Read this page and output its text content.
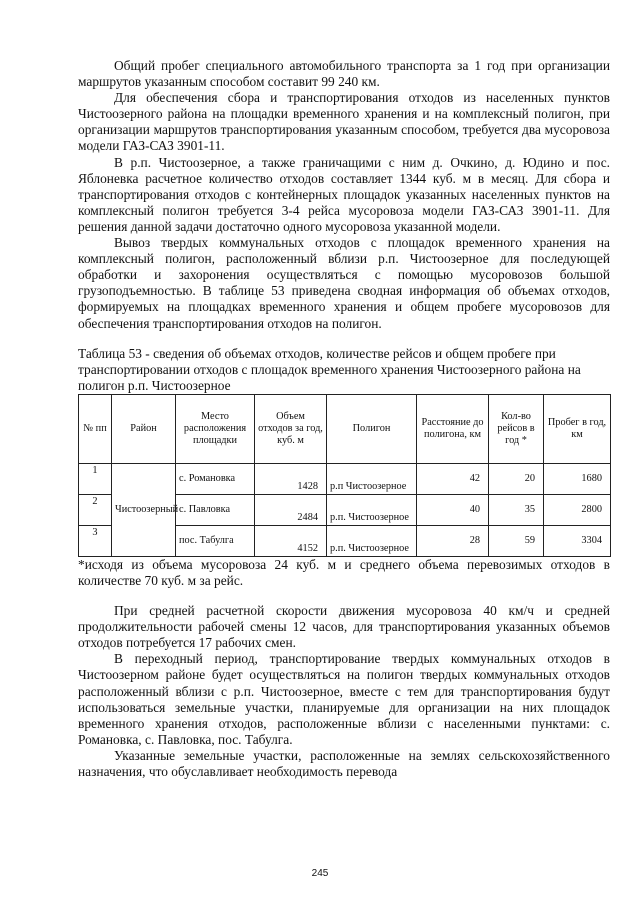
Общий пробег специального автомобильного транспорта за 1 год при организации маршрутов указанным способом составит 99 240 км.

Для обеспечения сбора и транспортирования отходов из населенных пунктов Чистоозерного района на площадки временного хранения и на комплексный полигон, при организации маршрутов транспортирования указанным способом, требуется два мусоровоза модели ГАЗ-САЗ 3901-11.

В р.п. Чистоозерное, а также граничащими с ним д. Очкино, д. Юдино и пос. Яблоневка расчетное количество отходов составляет 1344 куб. м в месяц. Для сбора и транспортирования отходов с контейнерных площадок указанных населенных пунктов на комплексный полигон требуется 3-4 рейса мусоровоза модели ГАЗ-САЗ 3901-11. Для решения данной задачи достаточно одного мусоровоза указанной модели.

Вывоз твердых коммунальных отходов с площадок временного хранения на комплексный полигон, расположенный вблизи р.п. Чистоозерное для последующей обработки и захоронения осуществляться с помощью мусоровозов большой грузоподъемностью. В таблице 53 приведена сводная информация об объемах отходов, формируемых на площадках временного хранения и общем пробеге мусоровозов для обеспечения транспортирования отходов на полигон.

Таблица 53 - сведения об объемах отходов, количестве рейсов и общем пробеге при транспортировании отходов с площадок временного хранения Чистоозерного района на полигон р.п. Чистоозерное

№ пп	Район	Место расположения площадки	Объем отходов за год, куб. м	Полигон	Расстояние до полигона, км	Кол-во рейсов в год *	Пробег в год, км
1	Чистоозерный	с. Романовка	1428	р.п Чистоозерное	42	20	1680
2		с. Павловка	2484	р.п. Чистоозерное	40	35	2800
3		пос. Табулга	4152	р.п. Чистоозерное	28	59	3304

*исходя из объема мусоровоза 24 куб. м и среднего объема перевозимых отходов в количестве 70 куб. м за рейс.

При средней расчетной скорости движения мусоровоза 40 км/ч и средней продолжительности рабочей смены 12 часов, для транспортирования указанных объемов отходов потребуется 17 рабочих смен.

В переходный период, транспортирование твердых коммунальных отходов в Чистоозерном районе будет осуществляться на полигон твердых коммунальных отходов расположенный вблизи с р.п. Чистоозерное, вместе с тем для транспортирования будут использоваться земельные участки, планируемые для организации на них площадок временного хранения отходов, расположенные вблизи с населенными пунктами: с. Романовка, с. Павловка, пос. Табулга.

Указанные земельные участки, расположенные на землях сельскохозяйственного назначения, что обуславливает необходимость перевода

245
